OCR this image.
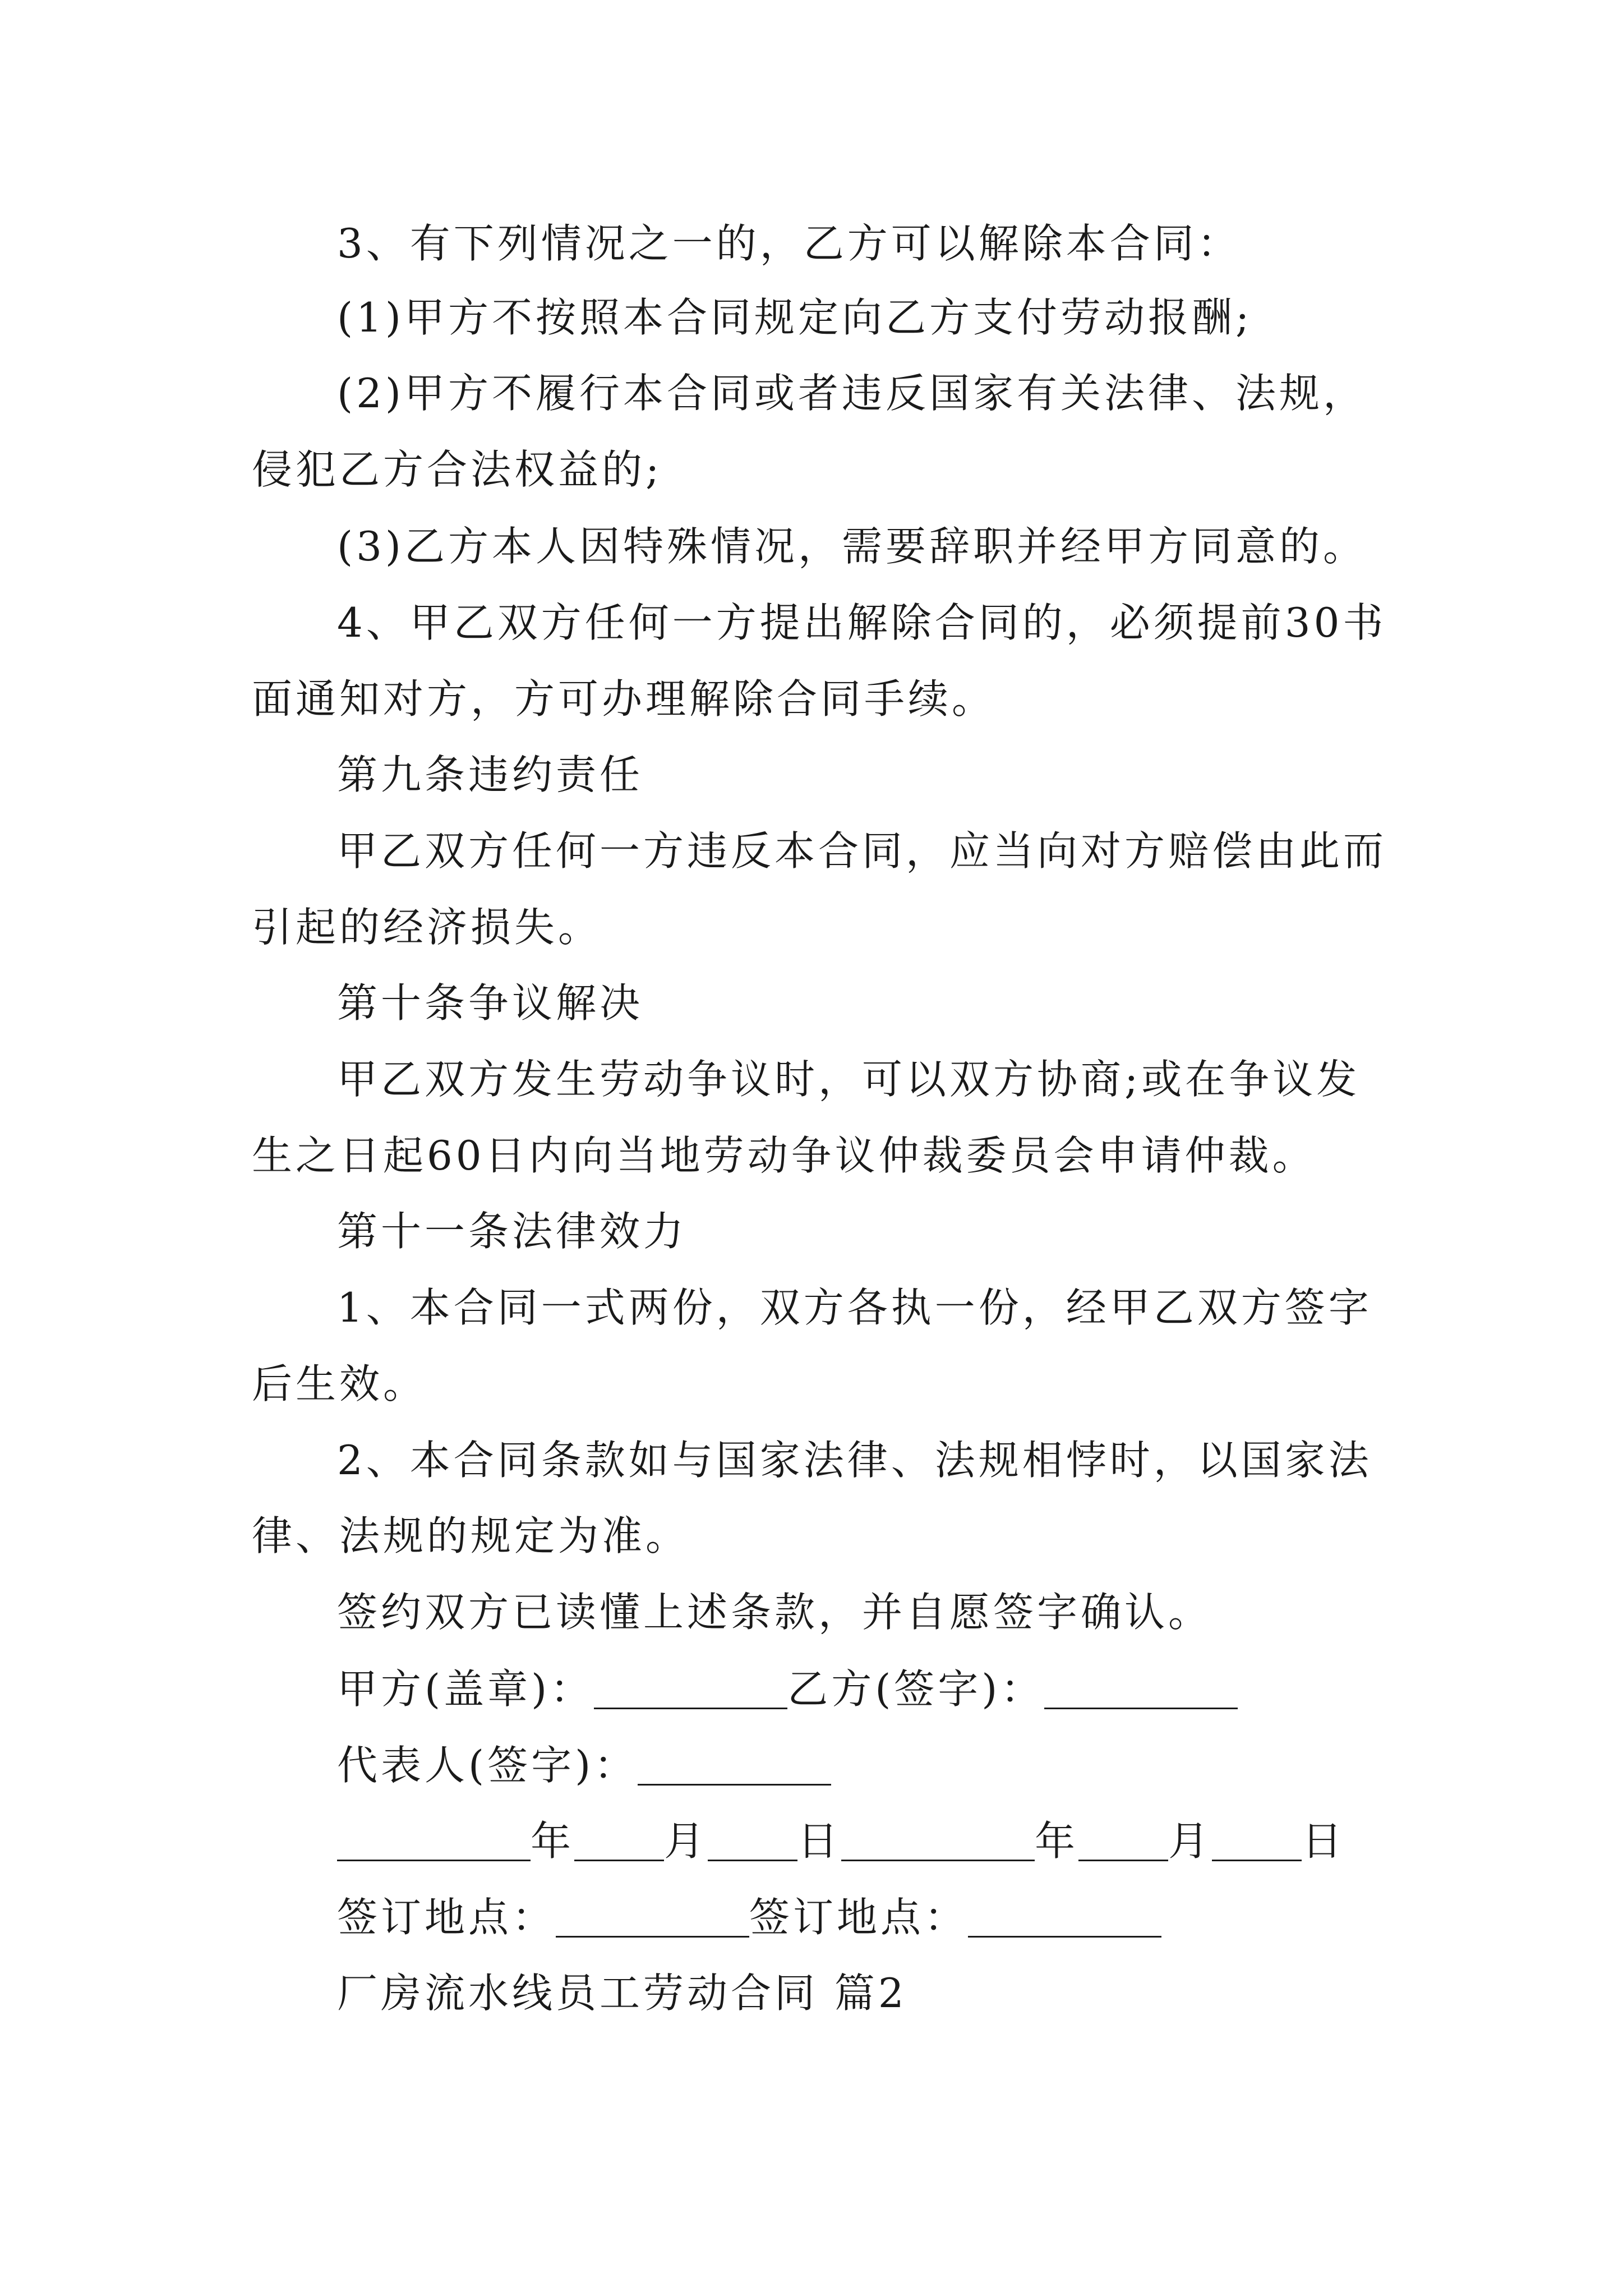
3、有下列情况之一的，乙方可以解除本合同：
(1)甲方不按照本合同规定向乙方支付劳动报酬;
(2)甲方不履行本合同或者违反国家有关法律、法规，
侵犯乙方合法权益的;
(3)乙方本人因特殊情况，需要辞职并经甲方同意的。
4、甲乙双方任何一方提出解除合同的，必须提前30书
面通知对方，方可办理解除合同手续。
第九条违约责任
甲乙双方任何一方违反本合同，应当向对方赔偿由此而
引起的经济损失。
第十条争议解决
甲乙双方发生劳动争议时，可以双方协商;或在争议发
生之日起60日内向当地劳动争议仲裁委员会申请仲裁。
第十一条法律效力
1、本合同一式两份，双方各执一份，经甲乙双方签字
后生效。
2、本合同条款如与国家法律、法规相悖时，以国家法
律、法规的规定为准。
签约双方已读懂上述条款，并自愿签字确认。
甲方(盖章)：	乙方(签字)：
代表人(签字)：
年 月 日	年 月 日
签订地点：	签订地点：
厂房流水线员工劳动合同 篇2
